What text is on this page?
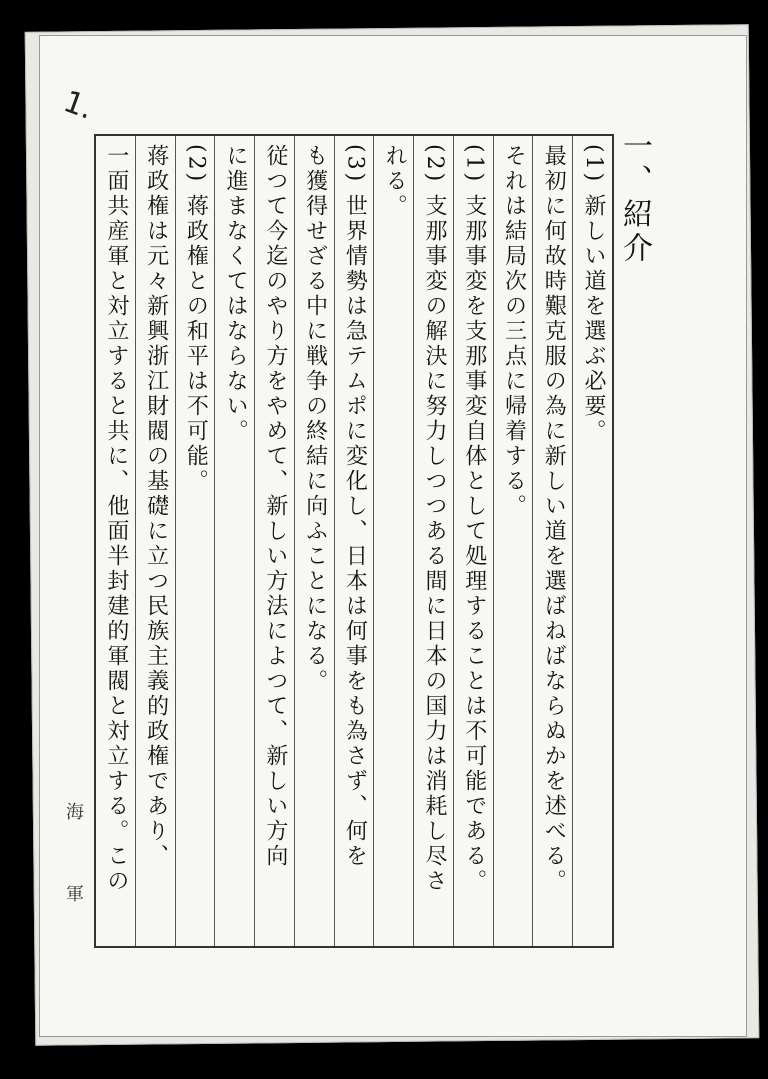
1.
一、紹介
(1) 新しい道を選ぶ必要。
最初に何故時艱克服の為に新しい道を選ばねばならぬかを述べる。
それは結局次の三点に帰着する。
(1) 支那事変を支那事変自体として処理することは不可能である。
(2) 支那事変の解決に努力しつつある間に日本の国力は消耗し尽さ
れる。
(3) 世界情勢は急テムポに変化し、日本は何事をも為さず、何を
も獲得せざる中に戦争の終結に向ふことになる。
従つて今迄のやり方をやめて、新しい方法によつて、新しい方向
に進まなくてはならない。
(2) 蒋政権との和平は不可能。
蒋政権は元々新興浙江財閥の基礎に立つ民族主義的政権であり、
一面共産軍と対立すると共に、他面半封建的軍閥と対立する。この
海
軍
